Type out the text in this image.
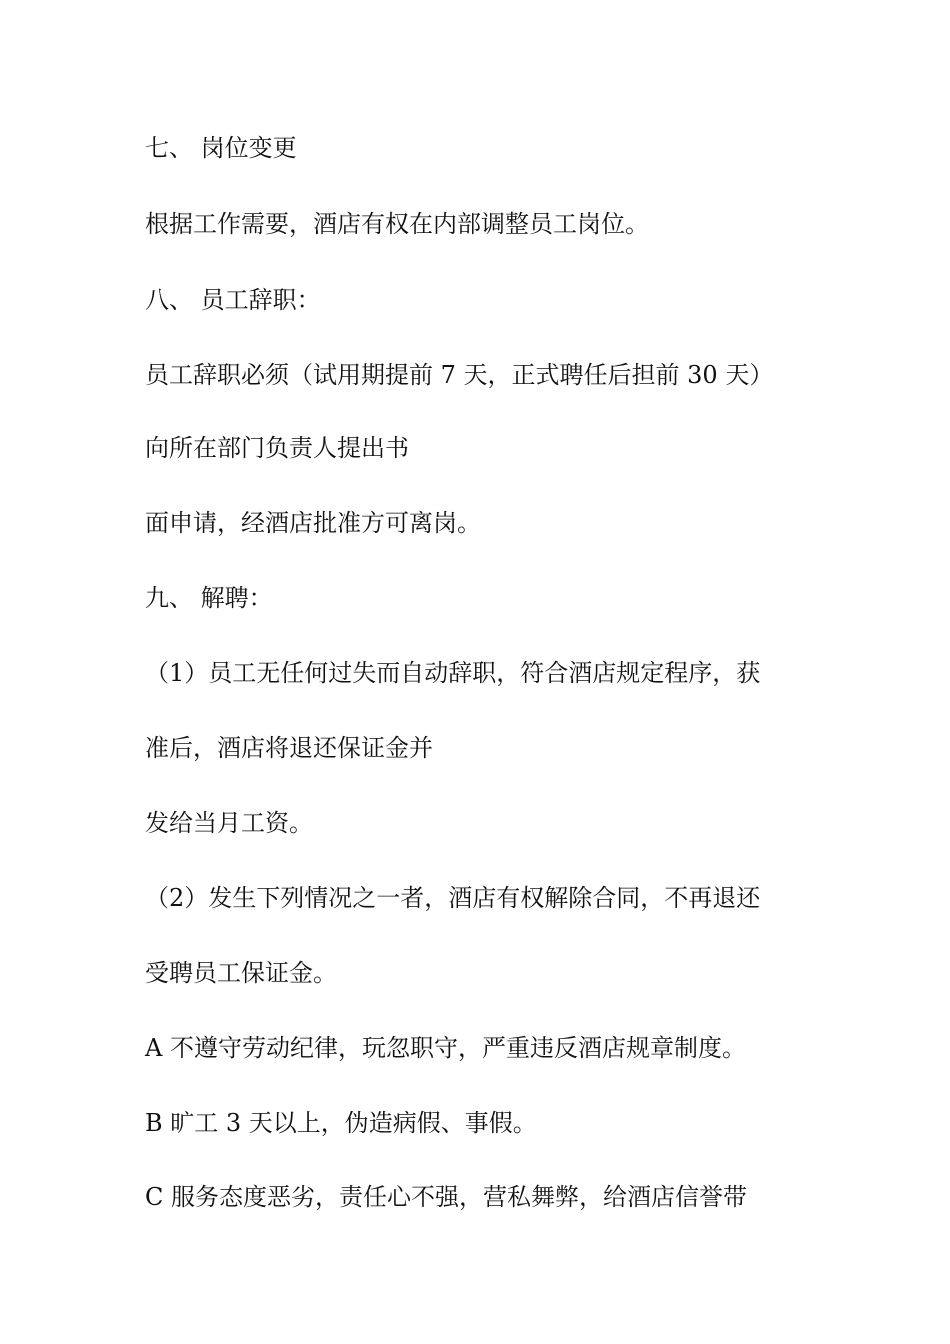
七、 岗位变更
根据工作需要，酒店有权在内部调整员工岗位。
八、 员工辞职：
员工辞职必须（试用期提前 7 天，正式聘任后担前 30 天）
向所在部门负责人提出书
面申请，经酒店批准方可离岗。
九、 解聘：
（1）员工无任何过失而自动辞职，符合酒店规定程序，获
准后，酒店将退还保证金并
发给当月工资。
（2）发生下列情况之一者，酒店有权解除合同，不再退还
受聘员工保证金。
A 不遵守劳动纪律，玩忽职守，严重违反酒店规章制度。
B 旷工 3 天以上，伪造病假、事假。
C 服务态度恶劣，责任心不强，营私舞弊，给酒店信誉带
